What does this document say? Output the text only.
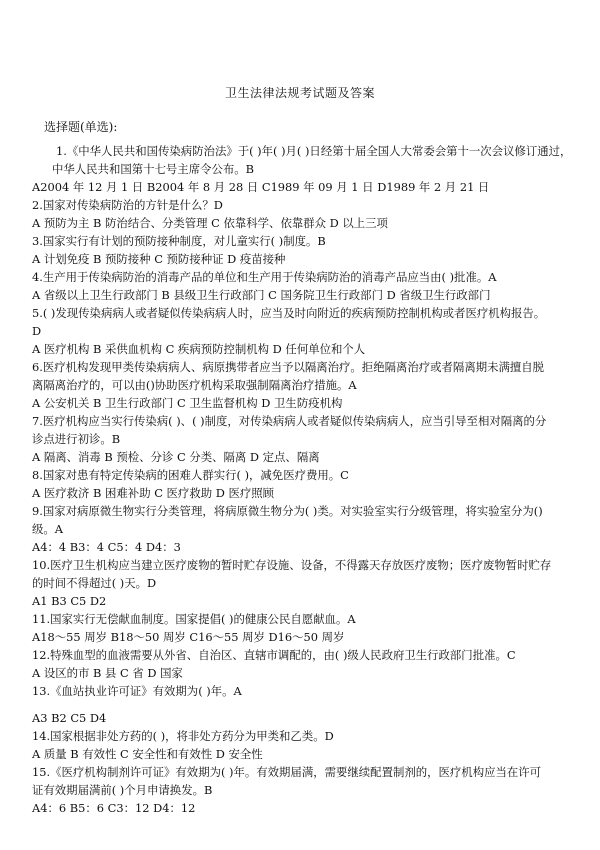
卫生法律法规考试题及答案
选择题(单选):
1.《中华人民共和国传染病防治法》于( )年( )月( )日经第十届全国人大常委会第十一次会议修订通过，
中华人民共和国第十七号主席令公布。B
A2004 年 12 月 1 日 B2004 年 8 月 28 日 C1989 年 09 月 1 日 D1989 年 2 月 21 日
2.国家对传染病防治的方针是什么？D
A 预防为主 B 防治结合、分类管理 C 依靠科学、依靠群众 D 以上三项
3.国家实行有计划的预防接种制度，对儿童实行( )制度。B
A 计划免疫 B 预防接种 C 预防接种证 D 疫苗接种
4.生产用于传染病防治的消毒产品的单位和生产用于传染病防治的消毒产品应当由( )批准。A
A 省级以上卫生行政部门 B 县级卫生行政部门 C 国务院卫生行政部门 D 省级卫生行政部门
5.( )发现传染病病人或者疑似传染病病人时，应当及时向附近的疾病预防控制机构或者医疗机构报告。
D
A 医疗机构 B 采供血机构 C 疾病预防控制机构 D 任何单位和个人
6.医疗机构发现甲类传染病病人、病原携带者应当予以隔离治疗。拒绝隔离治疗或者隔离期未满擅自脱
离隔离治疗的，可以由()协助医疗机构采取强制隔离治疗措施。A
A 公安机关 B 卫生行政部门 C 卫生监督机构 D 卫生防疫机构
7.医疗机构应当实行传染病( )、( )制度，对传染病病人或者疑似传染病病人，应当引导至相对隔离的分
诊点进行初诊。B
A 隔离、消毒 B 预检、分诊 C 分类、隔离 D 定点、隔离
8.国家对患有特定传染病的困难人群实行( )，减免医疗费用。C
A 医疗救济 B 困难补助 C 医疗救助 D 医疗照顾
9.国家对病原微生物实行分类管理，将病原微生物分为( )类。对实验室实行分级管理，将实验室分为()
级。A
A4：4 B3：4 C5：4 D4：3
10.医疗卫生机构应当建立医疗废物的暂时贮存设施、设备，不得露天存放医疗废物；医疗废物暂时贮存
的时间不得超过( )天。D
A1 B3 C5 D2
11.国家实行无偿献血制度。国家提倡( )的健康公民自愿献血。A
A18～55 周岁 B18～50 周岁 C16～55 周岁 D16～50 周岁
12.特殊血型的血液需要从外省、自治区、直辖市调配的，由( )级人民政府卫生行政部门批准。C
A 设区的市 B 县 C 省 D 国家
13.《血站执业许可证》有效期为( )年。A
A3 B2 C5 D4
14.国家根据非处方药的( )，将非处方药分为甲类和乙类。D
A 质量 B 有效性 C 安全性和有效性 D 安全性
15.《医疗机构制剂许可证》有效期为( )年。有效期届满，需要继续配置制剂的，医疗机构应当在许可
证有效期届满前( )个月申请换发。B
A4：6 B5：6 C3：12 D4：12
